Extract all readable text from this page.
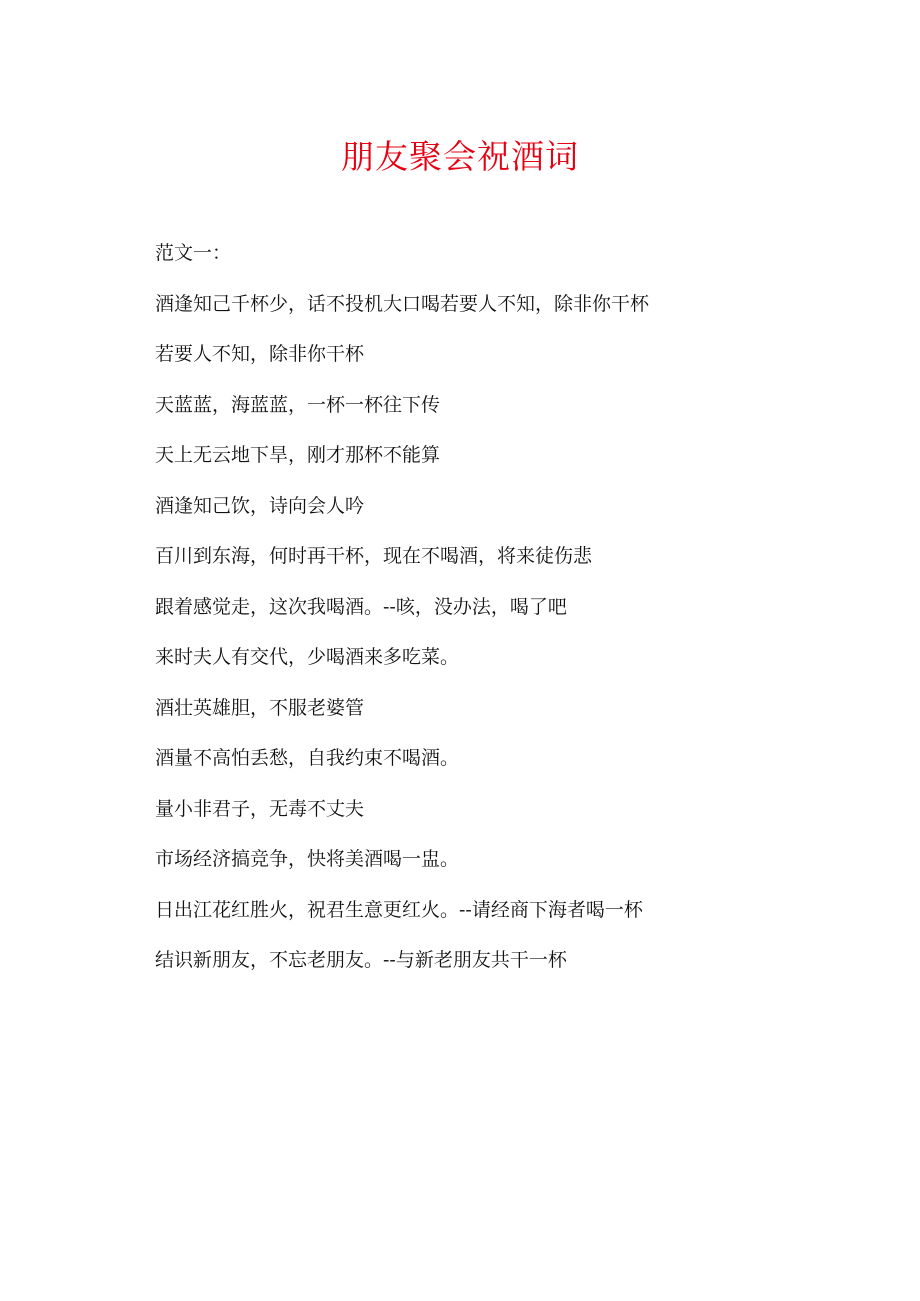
朋友聚会祝酒词
范文一：
酒逢知己千杯少，话不投机大口喝若要人不知，除非你干杯
若要人不知，除非你干杯
天蓝蓝，海蓝蓝，一杯一杯往下传
天上无云地下旱，刚才那杯不能算
酒逢知己饮，诗向会人吟
百川到东海，何时再干杯，现在不喝酒，将来徒伤悲
跟着感觉走，这次我喝酒。--咳，没办法，喝了吧
来时夫人有交代，少喝酒来多吃菜。
酒壮英雄胆，不服老婆管
酒量不高怕丢愁，自我约束不喝酒。
量小非君子，无毒不丈夫
市场经济搞竞争，快将美酒喝一盅。
日出江花红胜火，祝君生意更红火。--请经商下海者喝一杯
结识新朋友，不忘老朋友。--与新老朋友共干一杯
